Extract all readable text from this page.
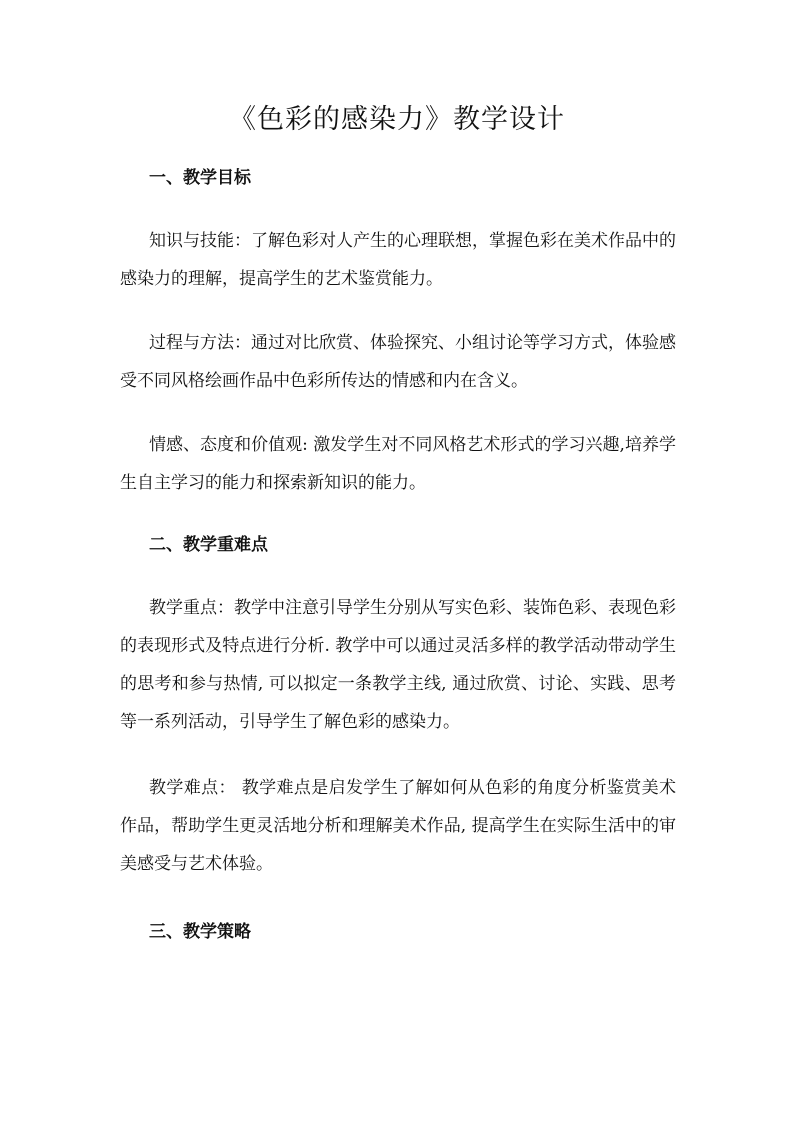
《色彩的感染力》教学设计
一、教学目标

知识与技能：了解色彩对人产生的心理联想，掌握色彩在美术作品中的感染力的理解，提高学生的艺术鉴赏能力。

过程与方法：通过对比欣赏、体验探究、小组讨论等学习方式，体验感受不同风格绘画作品中色彩所传达的情感和内在含义。

情感、态度和价值观: 激发学生对不同风格艺术形式的学习兴趣,培养学生自主学习的能力和探索新知识的能力。

二、教学重难点

教学重点：教学中注意引导学生分别从写实色彩、装饰色彩、表现色彩的表现形式及特点进行分析. 教学中可以通过灵活多样的教学活动带动学生的思考和参与热情, 可以拟定一条教学主线, 通过欣赏、讨论、实践、思考等一系列活动，引导学生了解色彩的感染力。

教学难点： 教学难点是启发学生了解如何从色彩的角度分析鉴赏美术作品，帮助学生更灵活地分析和理解美术作品, 提高学生在实际生活中的审美感受与艺术体验。

三、教学策略
